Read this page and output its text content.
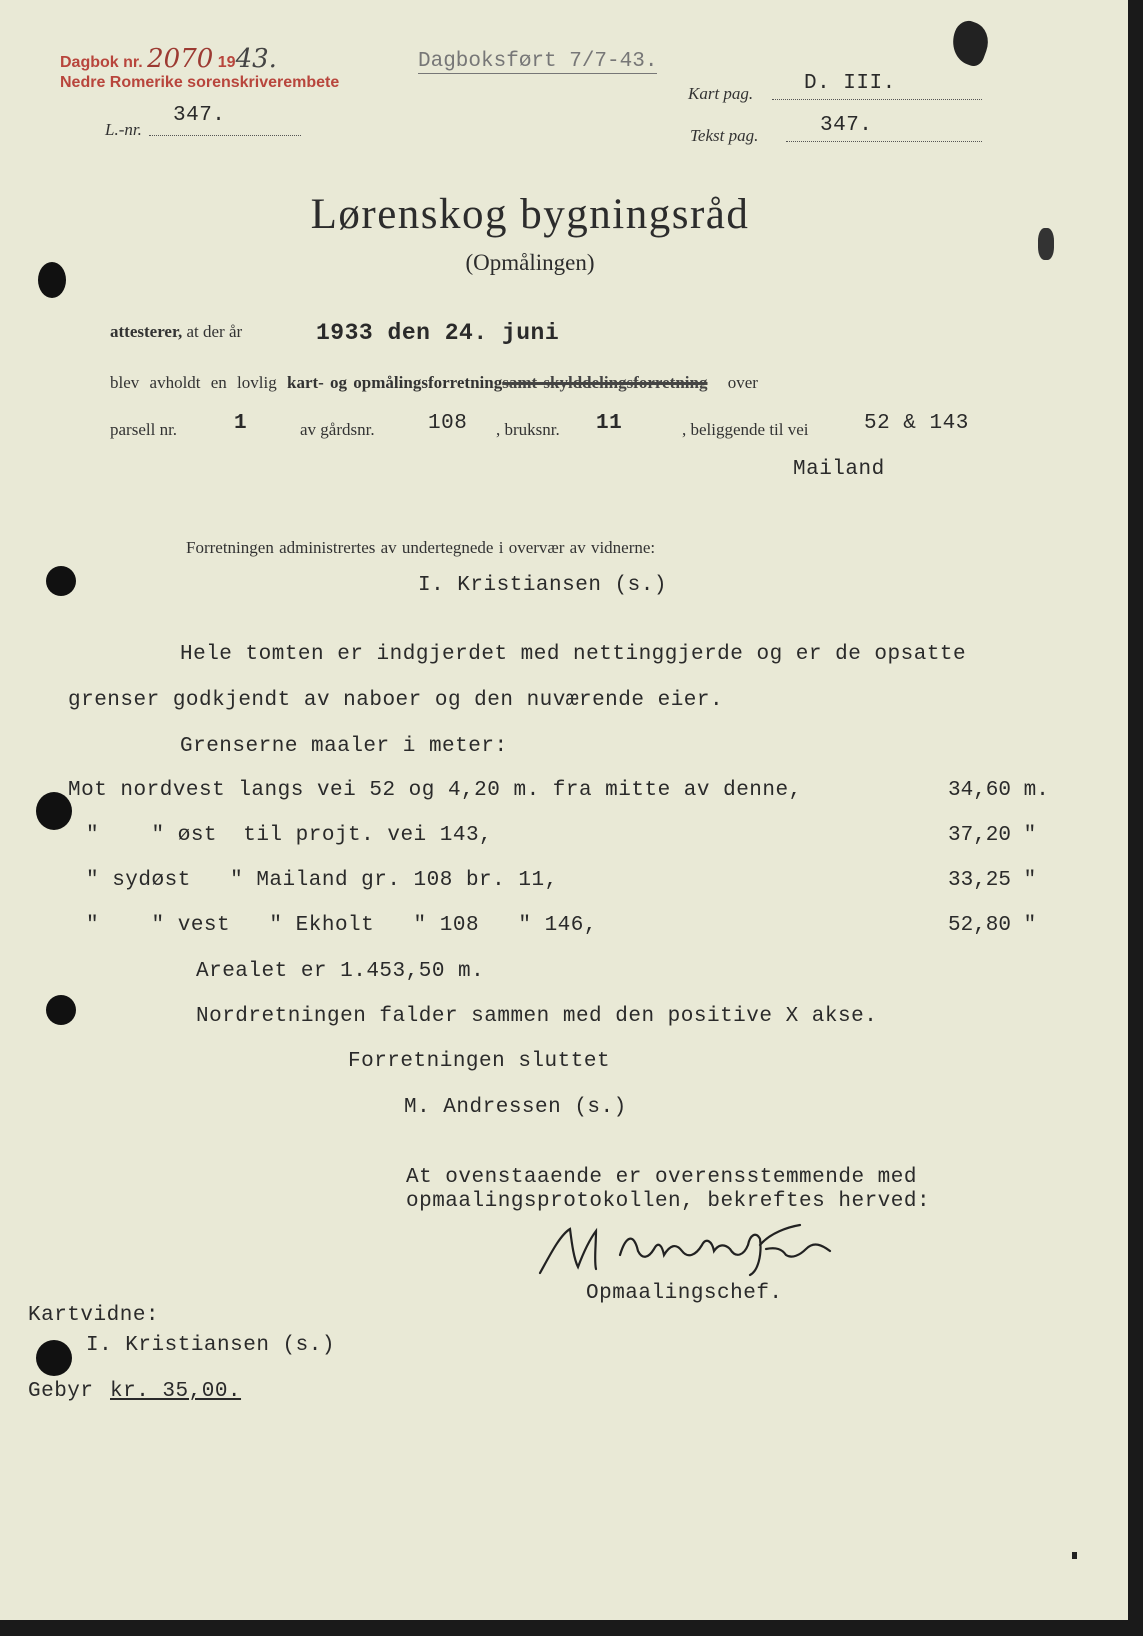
Dagbok nr. 2070 1943.
Nedre Romerike sorenskriverembete
L.-nr.
347.
Dagboksført 7/7-43.
Kart pag. D. III.
Tekst pag.	347.
Lørenskog bygningsråd
(Opmålingen)
attesterer, at der år	1933 den 24. juni
blev avholdt en lovlig kart- og opmålingsforretningsamt skylddelingsforretning over
parsell nr.	1	av gårdsnr.	108 , bruksnr. 11	, beliggende til vei	52 & 143
Mailand
Forretningen administrertes av undertegnede i overvær av vidnerne:
I. Kristiansen (s.)
Hele tomten er indgjerdet med nettinggjerde og er de opsatte
grenser godkjendt av naboer og den nuværende eier.
Grenserne maaler i meter:
Mot nordvest langs vei 52 og 4,20 m. fra mitte av denne,	34,60 m.
"    " øst  til projt. vei 143,	37,20 "
" sydøst   " Mailand gr. 108 br. 11,	33,25 "
"    " vest   " Ekholt   " 108   " 146,	52,80 "
Arealet er 1.453,50 m.
Nordretningen falder sammen med den positive X akse.
Forretningen sluttet
M. Andressen (s.)
At ovenstaaende er overensstemmende med
opmaalingsprotokollen, bekreftes herved:
Opmaalingschef.
Kartvidne:
I. Kristiansen (s.)
Gebyr kr. 35,00.
